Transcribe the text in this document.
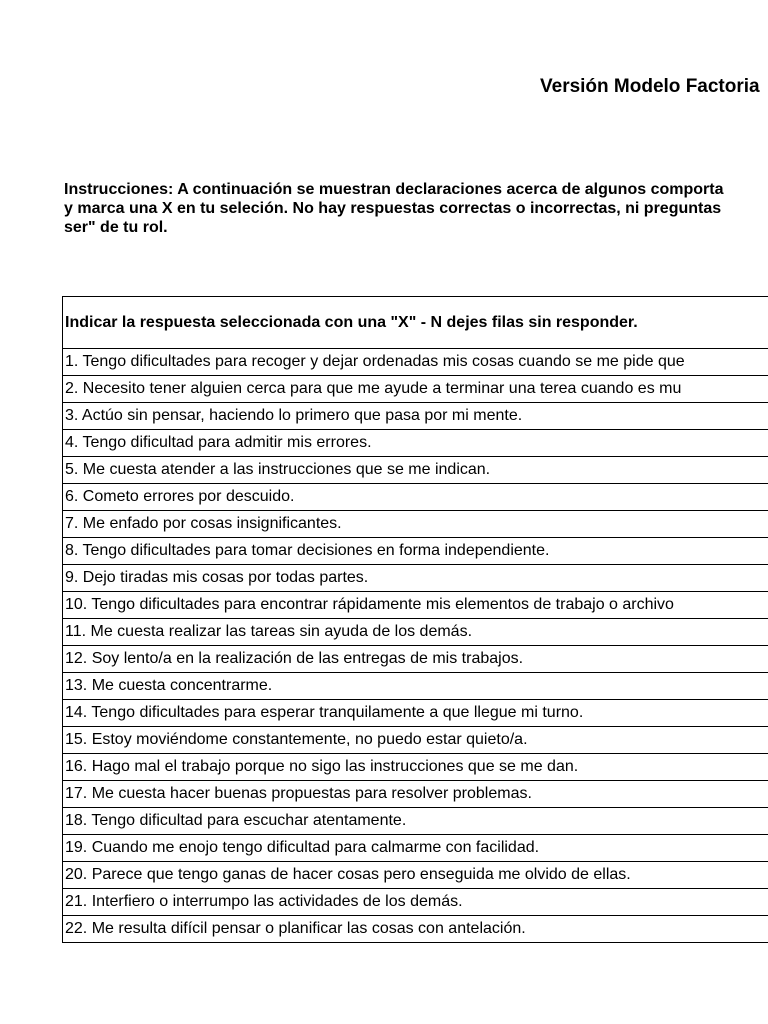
Versión Modelo Factoria
Instrucciones: A continuación se muestran declaraciones acerca de algunos comporta
y marca una X en tu seleción. No hay respuestas correctas o incorrectas, ni preguntas
ser" de tu rol.
Indicar la respuesta seleccionada con una "X" - N dejes filas sin responder.
1. Tengo dificultades para recoger y dejar ordenadas mis cosas cuando se me pide que
2. Necesito tener alguien cerca para que me ayude a terminar una terea cuando es mu
3. Actúo sin pensar, haciendo lo primero que pasa por mi mente.
4. Tengo dificultad para admitir mis errores.
5. Me cuesta atender a las instrucciones que se me indican.
6. Cometo errores por descuido.
7. Me enfado por cosas insignificantes.
8. Tengo dificultades para tomar decisiones en forma independiente.
9. Dejo tiradas mis cosas por todas partes.
10. Tengo dificultades para encontrar rápidamente mis elementos de trabajo o archivo
11. Me cuesta realizar las tareas sin ayuda de los demás.
12. Soy lento/a en la realización de las entregas de mis trabajos.
13. Me cuesta concentrarme.
14. Tengo dificultades para esperar tranquilamente a que llegue mi turno.
15. Estoy moviéndome constantemente, no puedo estar quieto/a.
16. Hago mal el trabajo porque no sigo las instrucciones que se me dan.
17. Me cuesta hacer buenas propuestas para resolver problemas.
18. Tengo dificultad para escuchar atentamente.
19. Cuando me enojo tengo dificultad para calmarme con facilidad.
20. Parece que tengo ganas de hacer cosas pero enseguida me olvido de ellas.
21. Interfiero o interrumpo las actividades de los demás.
22. Me resulta difícil pensar o planificar las cosas con antelación.
